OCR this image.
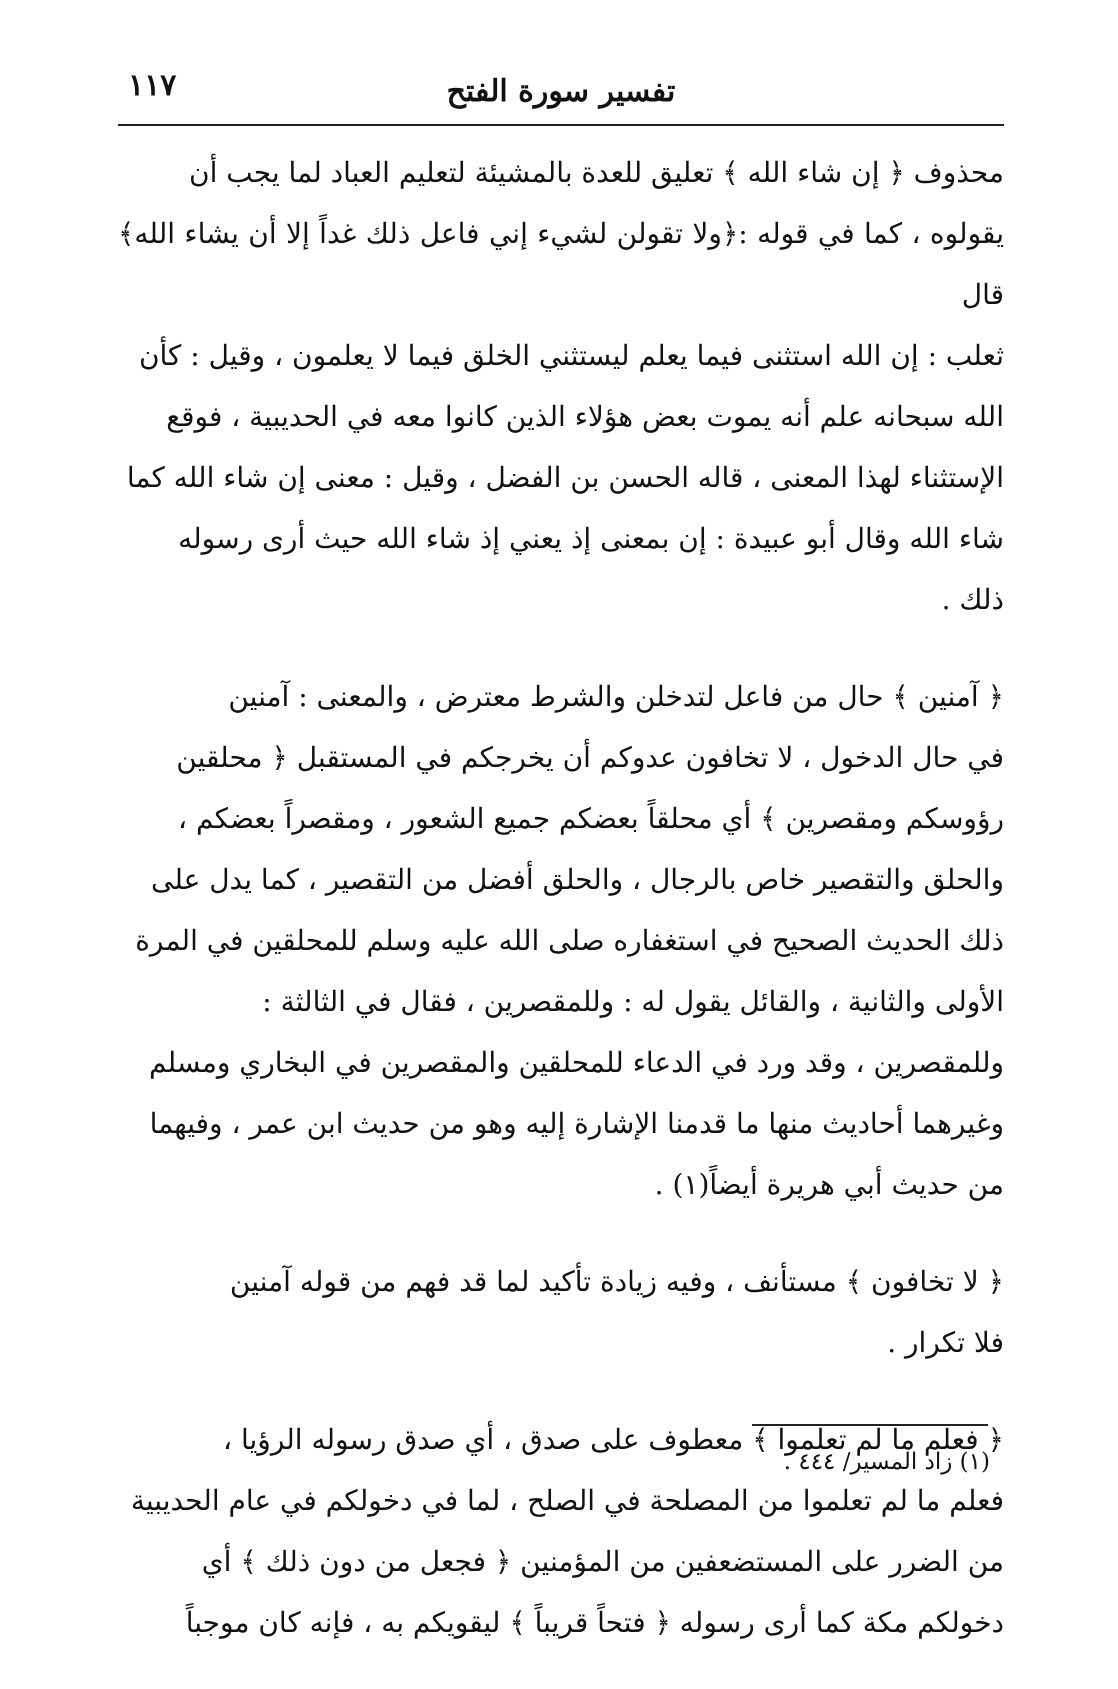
١١٧	تفسير سورة الفتح

محذوف ﴿ إن شاء الله ﴾ تعليق للعدة بالمشيئة لتعليم العباد لما يجب أن

يقولوه ، كما في قوله :﴿ولا تقولن لشيء إني فاعل ذلك غداً إلا أن يشاء الله﴾ قال

ثعلب : إن الله استثنى فيما يعلم ليستثني الخلق فيما لا يعلمون ، وقيل : كأن

الله سبحانه علم أنه يموت بعض هؤلاء الذين كانوا معه في الحديبية ، فوقع

الإستثناء لهذا المعنى ، قاله الحسن بن الفضل ، وقيل : معنى إن شاء الله كما

شاء الله وقال أبو عبيدة : إن بمعنى إذ يعني إذ شاء الله حيث أرى رسوله

ذلك .

﴿ آمنين ﴾ حال من فاعل لتدخلن والشرط معترض ، والمعنى : آمنين

في حال الدخول ، لا تخافون عدوكم أن يخرجكم في المستقبل ﴿ محلقين

رؤوسكم ومقصرين ﴾ أي محلقاً بعضكم جميع الشعور ، ومقصراً بعضكم ،

والحلق والتقصير خاص بالرجال ، والحلق أفضل من التقصير ، كما يدل على

ذلك الحديث الصحيح في استغفاره صلى الله عليه وسلم للمحلقين في المرة

الأولى والثانية ، والقائل يقول له : وللمقصرين ، فقال في الثالثة :

وللمقصرين ، وقد ورد في الدعاء للمحلقين والمقصرين في البخاري ومسلم

وغيرهما أحاديث منها ما قدمنا الإشارة إليه وهو من حديث ابن عمر ، وفيهما

من حديث أبي هريرة أيضاً(١) .

﴿ لا تخافون ﴾ مستأنف ، وفيه زيادة تأكيد لما قد فهم من قوله آمنين

فلا تكرار .

﴿ فعلم ما لم تعلموا ﴾ معطوف على صدق ، أي صدق رسوله الرؤيا ،

فعلم ما لم تعلموا من المصلحة في الصلح ، لما في دخولكم في عام الحديبية

من الضرر على المستضعفين من المؤمنين ﴿ فجعل من دون ذلك ﴾ أي

دخولكم مكة كما أرى رسوله ﴿ فتحاً قريباً ﴾ ليقويكم به ، فإنه كان موجباً

(١) زاد المسير/ ٤٤٤ .
